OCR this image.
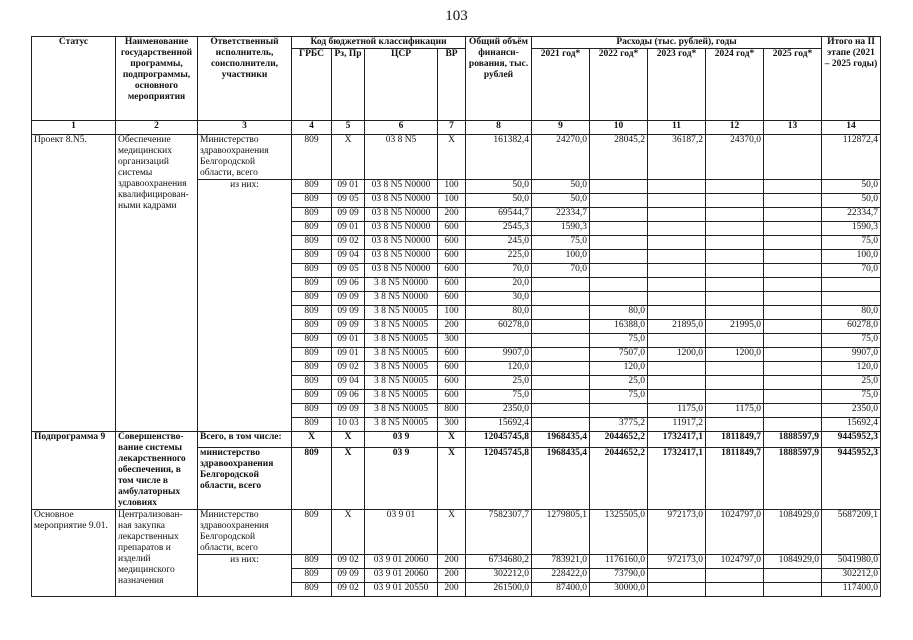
103
Статус	Наименование государственной программы, подпрограммы, основного мероприятия	Ответственный исполнитель, соисполнители, участники	Код бюджетной классификации				Общий объём финанси-рования, тыс. рублей	Расходы (тыс. рублей), годы					Итого на II этапе (2021 – 2025 годы)
			ГРБС	Рз, Пр	ЦСР	ВР		2021 год*	2022 год*	2023 год*	2024 год*	2025 год*	
1	2	3	4	5	6	7	8	9	10	11	12	13	14
Проект 8.N5.	Обеспечение медицинских организаций системы здравоохранения квалифицирован-ными кадрами	Министерство здравоохранения Белгородской области, всего	809	Х	03 8 N5	Х	161382,4	24270,0	28045,2	36187,2	24370,0		112872,4
		из них:	809	09 01	03 8 N5 N0000	100	50,0	50,0					50,0
			809	09 05	03 8 N5 N0000	100	50,0	50,0					50,0
			809	09 09	03 8 N5 N0000	200	69544,7	22334,7					22334,7
			809	09 01	03 8 N5 N0000	600	2545,3	1590,3					1590,3
			809	09 02	03 8 N5 N0000	600	245,0	75,0					75,0
			809	09 04	03 8 N5 N0000	600	225,0	100,0					100,0
			809	09 05	03 8 N5 N0000	600	70,0	70,0					70,0
			809	09 06	3 8 N5 N0000	600	20,0						
			809	09 09	3 8 N5 N0000	600	30,0						
			809	09 09	3 8 N5 N0005	100	80,0		80,0				80,0
			809	09 09	3 8 N5 N0005	200	60278,0		16388,0	21895,0	21995,0		60278,0
			809	09 01	3 8 N5 N0005	300			75,0				75,0
			809	09 01	3 8 N5 N0005	600	9907,0		7507,0	1200,0	1200,0		9907,0
			809	09 02	3 8 N5 N0005	600	120,0		120,0				120,0
			809	09 04	3 8 N5 N0005	600	25,0		25,0				25,0
			809	09 06	3 8 N5 N0005	600	75,0		75,0				75,0
			809	09 09	3 8 N5 N0005	800	2350,0			1175,0	1175,0		2350,0
			809	10 03	3 8 N5 N0005	300	15692,4		3775,2	11917,2			15692,4
Подпрограмма 9	Совершенство-вание системы лекарственного обеспечения, в том числе в амбулаторных условиях	Всего, в том числе:	Х	Х	03 9	Х	12045745,8	1968435,4	2044652,2	1732417,1	1811849,7	1888597,9	9445952,3
		министерство здравоохранения Белгородской области, всего	809	Х	03 9	Х	12045745,8	1968435,4	2044652,2	1732417,1	1811849,7	1888597,9	9445952,3
Основное мероприятие 9.01.	Централизован-ная закупка лекарственных препаратов и изделий медицинского назначения	Министерство здравоохранения Белгородской области, всего	809	Х	03 9 01	Х	7582307,7	1279805,1	1325505,0	972173,0	1024797,0	1084929,0	5687209,1
		из них:	809	09 02	03 9 01 20060	200	6734680,2	783921,0	1176160,0	972173,0	1024797,0	1084929,0	5041980,0
			809	09 09	03 9 01 20060	200	302212,0	228422,0	73790,0				302212,0
			809	09 02	03 9 01 20550	200	261500,0	87400,0	30000,0				117400,0
